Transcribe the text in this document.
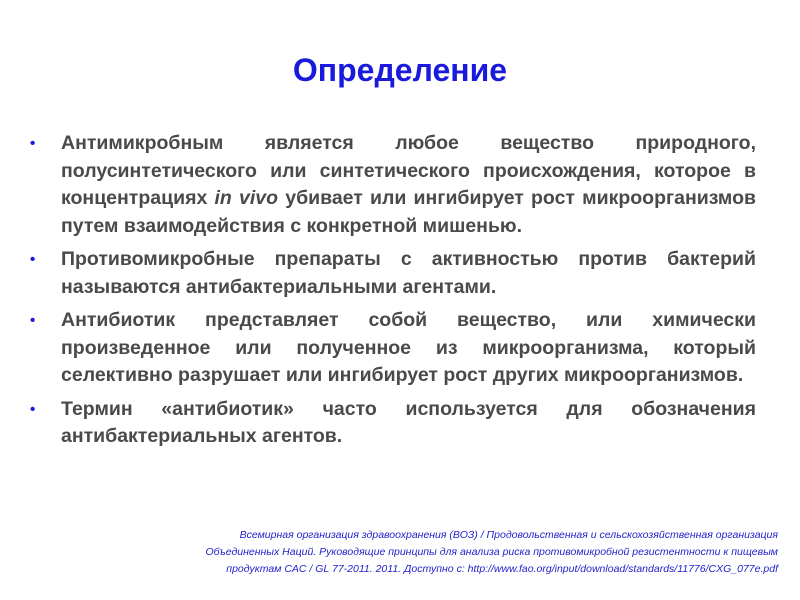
Определение
•	Антимикробным является любое вещество природного, полусинтетического или синтетического происхождения, которое в концентрациях in vivo убивает или ингибирует рост микроорганизмов путем взаимодействия с конкретной мишенью.
•	Противомикробные препараты с активностью против бактерий называются антибактериальными агентами.
•	Антибиотик представляет собой вещество, или химически произведенное или полученное из микроорганизма, который селективно разрушает или ингибирует рост других микроорганизмов.
•	Термин «антибиотик» часто используется для обозначения антибактериальных агентов.

Всемирная организация здравоохранения (ВОЗ) / Продовольственная и сельскохозяйственная организация
Объединенных Наций. Руководящие принципы для анализа риска противомикробной резистентности к пищевым
продуктам CAC / GL 77-2011. 2011. Доступно с: http://www.fao.org/input/download/standards/11776/CXG_077e.pdf
